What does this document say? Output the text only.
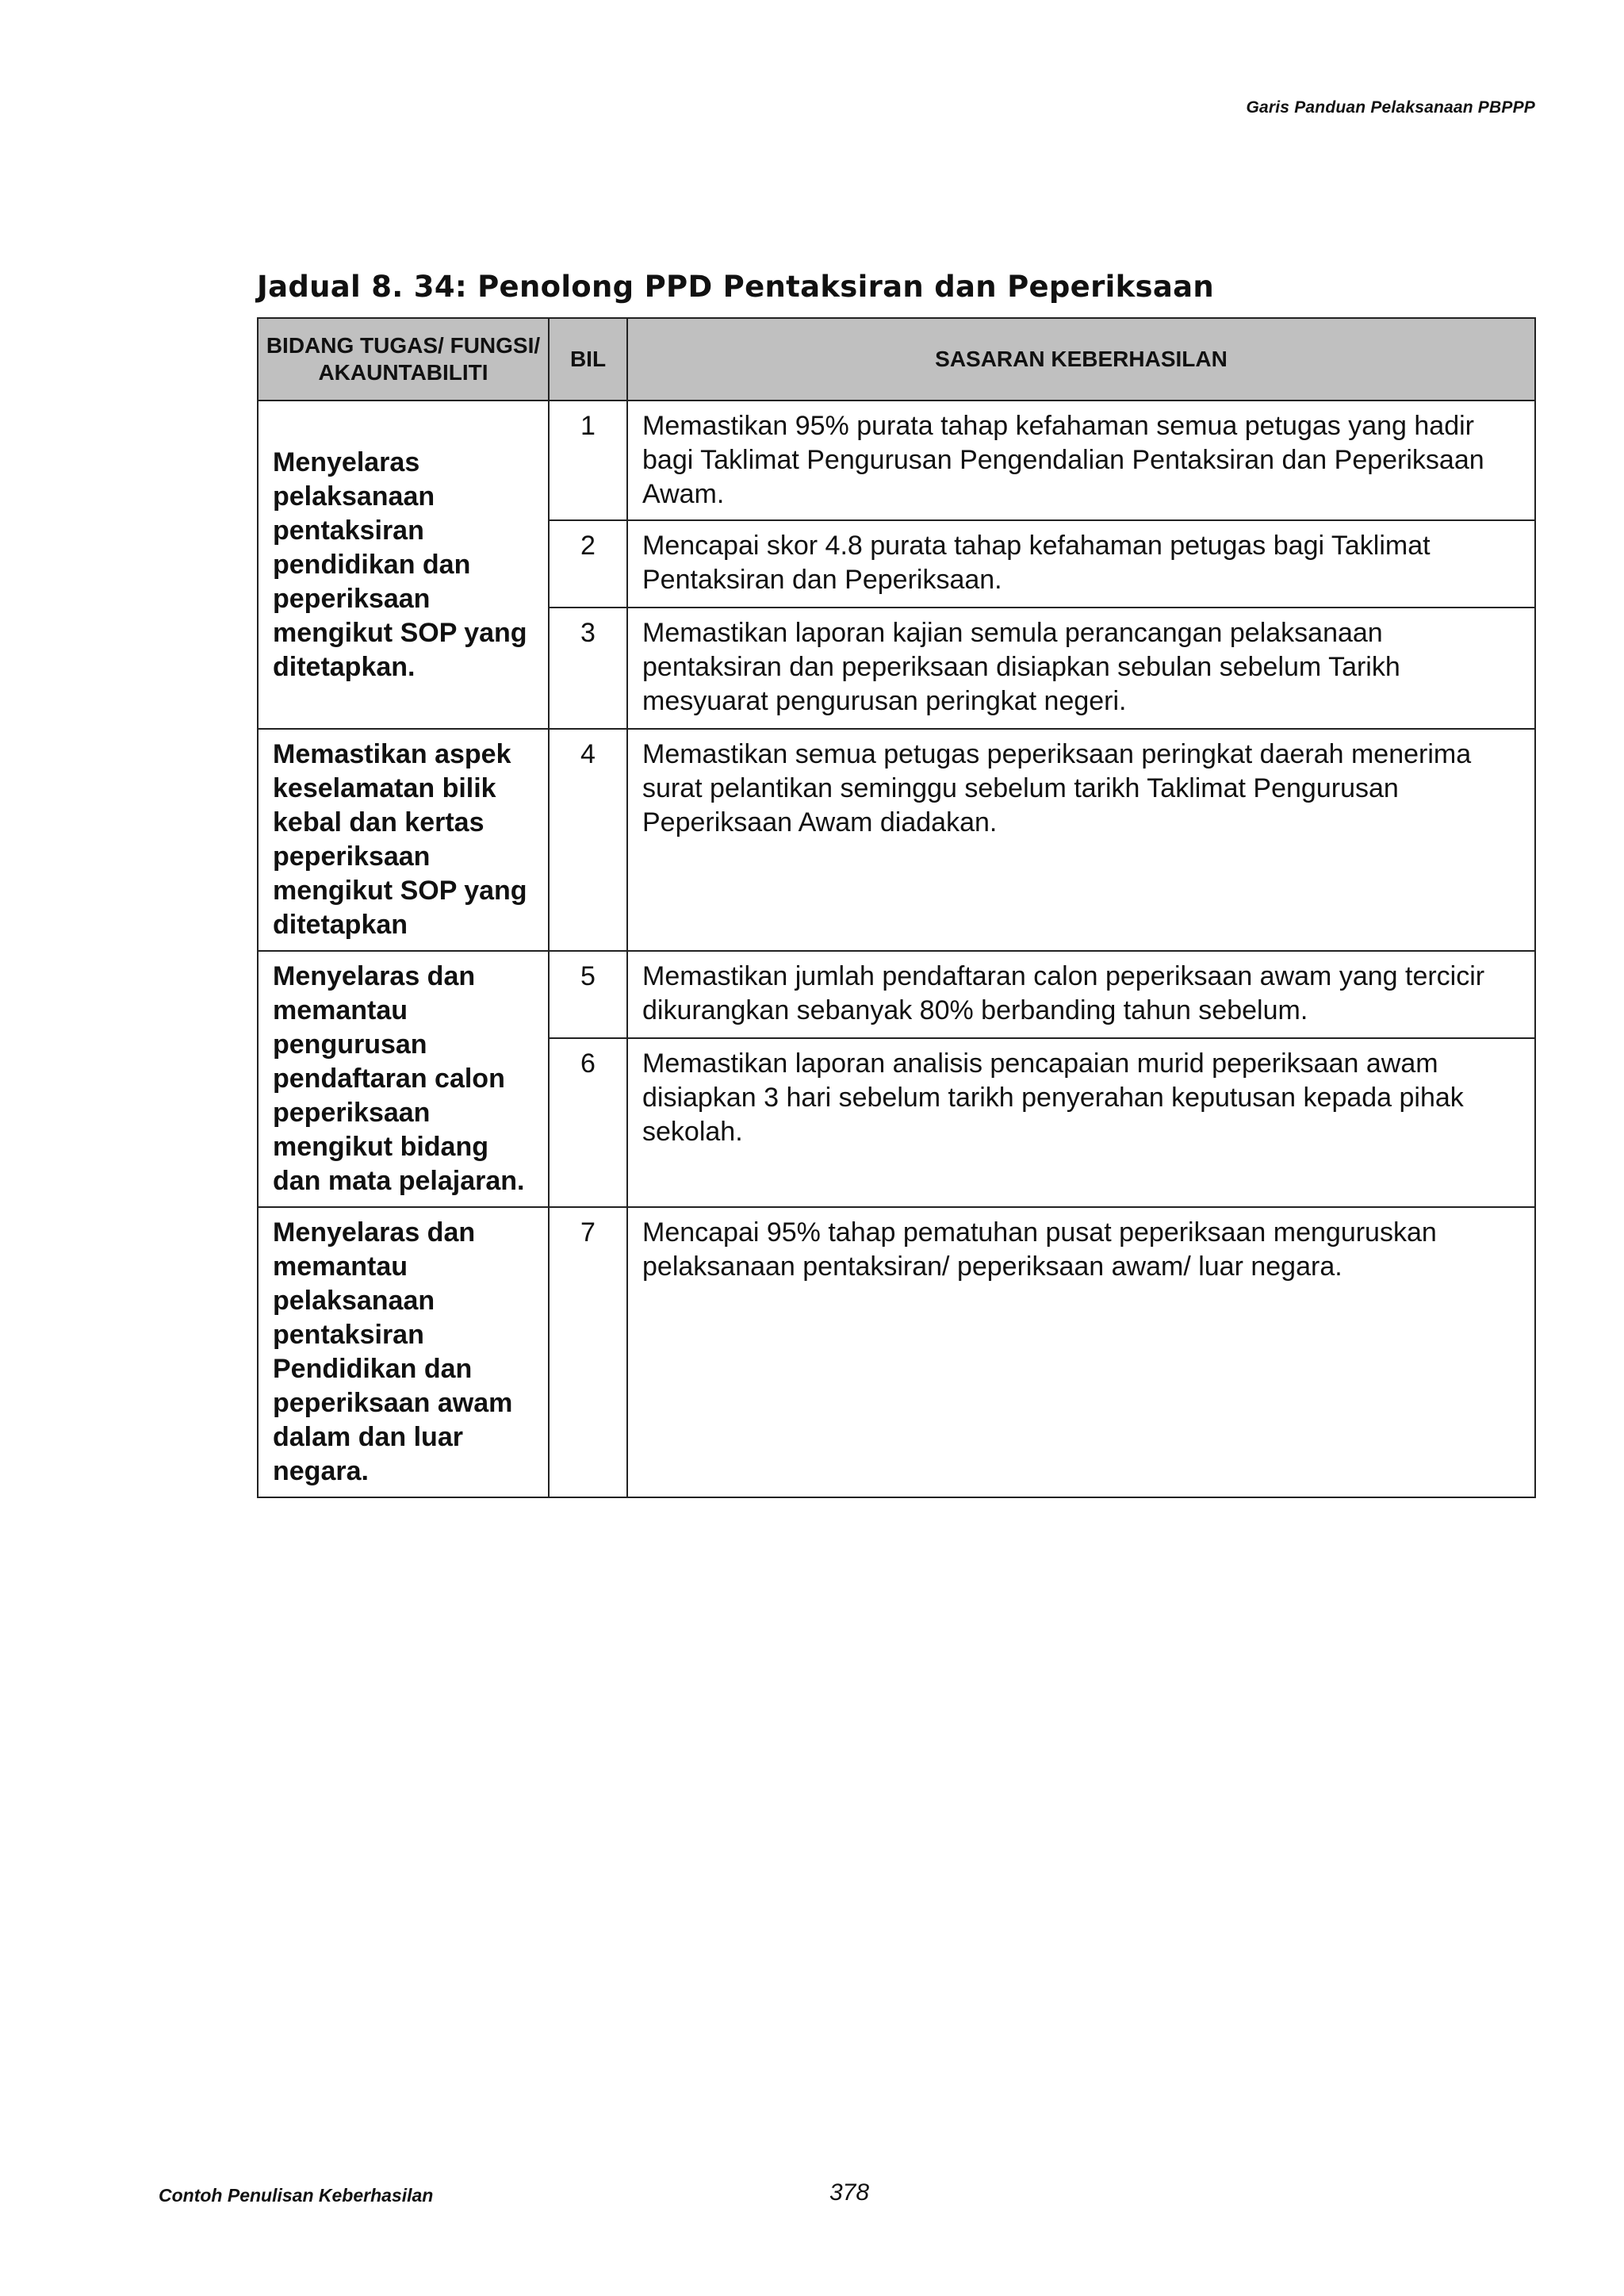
Garis Panduan Pelaksanaan PBPPP
Jadual 8. 34: Penolong PPD Pentaksiran dan Peperiksaan
BIDANG TUGAS/ FUNGSI/ AKAUNTABILITI	BIL	SASARAN KEBERHASILAN
Menyelaras pelaksanaan pentaksiran pendidikan dan peperiksaan mengikut SOP yang ditetapkan.	1	Memastikan 95% purata tahap kefahaman semua petugas yang hadir bagi Taklimat Pengurusan Pengendalian Pentaksiran dan Peperiksaan Awam.
	2	Mencapai skor 4.8 purata tahap kefahaman petugas bagi Taklimat Pentaksiran dan Peperiksaan.
	3	Memastikan laporan kajian semula perancangan pelaksanaan pentaksiran dan peperiksaan disiapkan sebulan sebelum Tarikh mesyuarat pengurusan peringkat negeri.
Memastikan aspek keselamatan bilik kebal dan kertas peperiksaan mengikut SOP yang ditetapkan	4	Memastikan semua petugas peperiksaan peringkat daerah menerima surat pelantikan seminggu sebelum tarikh Taklimat Pengurusan Peperiksaan Awam diadakan.
Menyelaras dan memantau pengurusan pendaftaran calon peperiksaan mengikut bidang dan mata pelajaran.	5	Memastikan jumlah pendaftaran calon peperiksaan awam yang tercicir dikurangkan sebanyak 80% berbanding tahun sebelum.
	6	Memastikan laporan analisis pencapaian murid peperiksaan awam disiapkan 3 hari sebelum tarikh penyerahan keputusan kepada pihak sekolah.
Menyelaras dan memantau pelaksanaan pentaksiran Pendidikan dan peperiksaan awam dalam dan luar negara.	7	Mencapai 95% tahap pematuhan pusat peperiksaan menguruskan pelaksanaan pentaksiran/ peperiksaan awam/ luar negara.
Contoh Penulisan Keberhasilan	378
